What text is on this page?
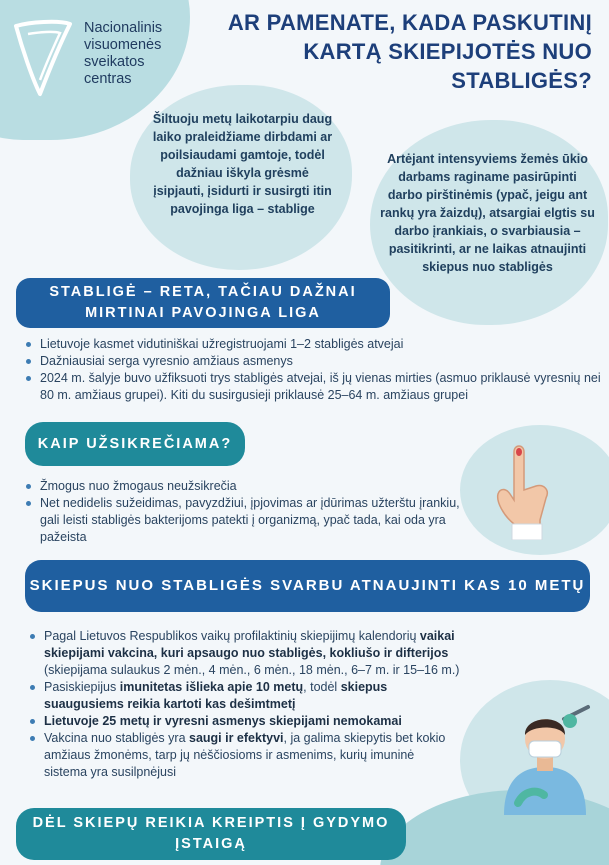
Nacionalinis
visuomenės
sveikatos
centras
AR PAMENATE, KADA PASKUTINĮ KARTĄ SKIEPIJOTĖS NUO STABLIGĖS?

Šiltuoju metų laikotarpiu daug laiko praleidžiame dirbdami ar poilsiaudami gamtoje, todėl dažniau iškyla grėsmė įsipjauti, įsidurti ir susirgti itin pavojinga liga – stablige

Artėjant intensyviems žemės ūkio darbams raginame pasirūpinti darbo pirštinėmis (ypač, jeigu ant rankų yra žaizdų), atsargiai elgtis su darbo įrankiais, o svarbiausia – pasitikrinti, ar ne laikas atnaujinti skiepus nuo stabligės

STABLIGĖ – RETA, TAČIAU DAŽNAI MIRTINAI PAVOJINGA LIGA
Lietuvoje kasmet vidutiniškai užregistruojami 1–2 stabligės atvejai
Dažniausiai serga vyresnio amžiaus asmenys
2024 m. šalyje buvo užfiksuoti trys stabligės atvejai, iš jų vienas mirties (asmuo priklausė vyresnių nei 80 m. amžiaus grupei). Kiti du susirgusieji priklausė 25–64 m. amžiaus grupei
KAIP UŽSIKREČIAMA?
Žmogus nuo žmogaus neužsikrečia
Net nedidelis sužeidimas, pavyzdžiui, įpjovimas ar įdūrimas užterštu įrankiu, gali leisti stabligės bakterijoms patekti į organizmą, ypač tada, kai oda yra pažeista
SKIEPUS NUO STABLIGĖS SVARBU ATNAUJINTI KAS 10 METŲ
Pagal Lietuvos Respublikos vaikų profilaktinių skiepijimų kalendorių vaikai skiepijami vakcina, kuri apsaugo nuo stabligės, kokliušo ir difterijos (skiepijama sulaukus 2 mėn., 4 mėn., 6 mėn., 18 mėn., 6–7 m. ir 15–16 m.)
Pasiskiepijus imunitetas išlieka apie 10 metų, todėl skiepus suaugusiems reikia kartoti kas dešimtmetį
Lietuvoje 25 metų ir vyresni asmenys skiepijami nemokamai
Vakcina nuo stabligės yra saugi ir efektyvi, ja galima skiepytis bet kokio amžiaus žmonėms, tarp jų nėščiosioms ir asmenims, kurių imuninė sistema yra susilpnėjusi
DĖL SKIEPŲ REIKIA KREIPTIS Į GYDYMO ĮSTAIGĄ
